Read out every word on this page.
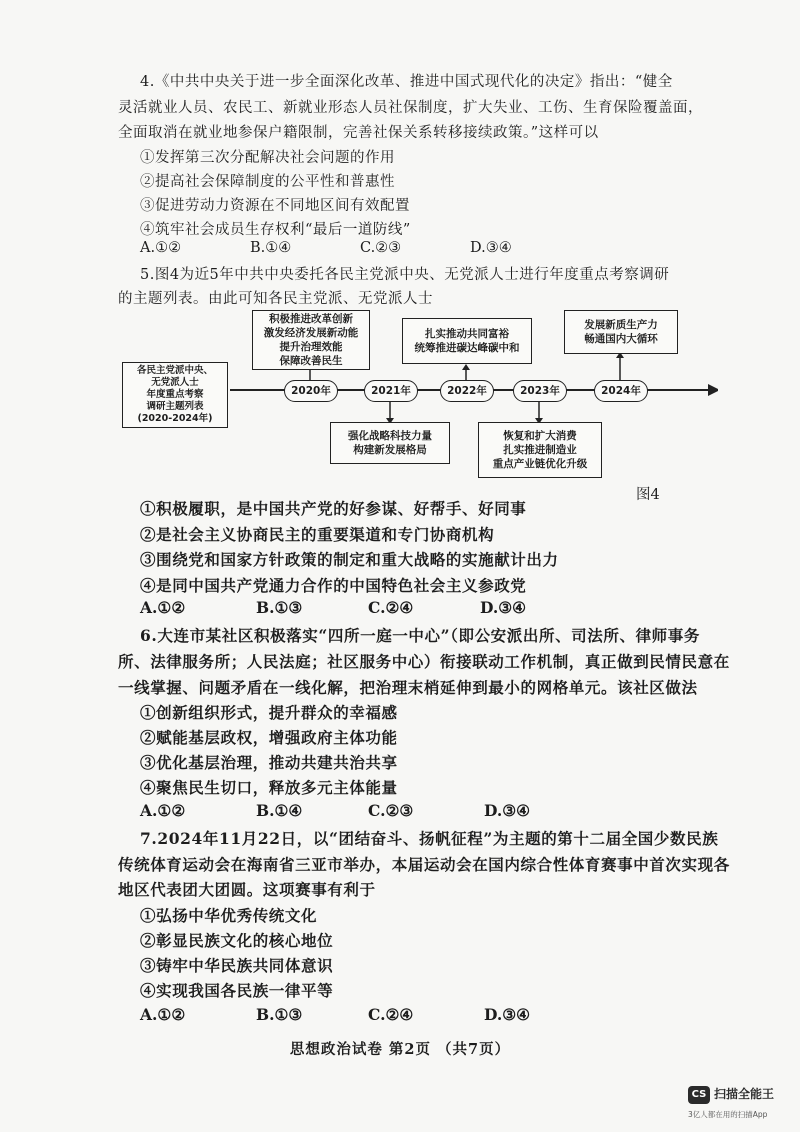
4.《中共中央关于进一步全面深化改革、推进中国式现代化的决定》指出：“健全
灵活就业人员、农民工、新就业形态人员社保制度，扩大失业、工伤、生育保险覆盖面，
全面取消在就业地参保户籍限制，完善社保关系转移接续政策。”这样可以
①发挥第三次分配解决社会问题的作用
②提高社会保障制度的公平性和普惠性
③促进劳动力资源在不同地区间有效配置
④筑牢社会成员生存权利“最后一道防线”
A.①②	B.①④	C.②③	D.③④
5.图4为近5年中共中央委托各民主党派中央、无党派人士进行年度重点考察调研
的主题列表。由此可知各民主党派、无党派人士
各民主党派中央、
无党派人士
年度重点考察
调研主题列表
(2020-2024年)
积极推进改革创新
激发经济发展新动能
提升治理效能
保障改善民生
强化战略科技力量
构建新发展格局
扎实推动共同富裕
统筹推进碳达峰碳中和
恢复和扩大消费
扎实推进制造业
重点产业链优化升级
发展新质生产力
畅通国内大循环
2020年	2021年	2022年	2023年	2024年
图4
①积极履职，是中国共产党的好参谋、好帮手、好同事
②是社会主义协商民主的重要渠道和专门协商机构
③围绕党和国家方针政策的制定和重大战略的实施献计出力
④是同中国共产党通力合作的中国特色社会主义参政党
A.①②	B.①③	C.②④	D.③④
6.大连市某社区积极落实“四所一庭一中心”（即公安派出所、司法所、律师事务
所、法律服务所；人民法庭；社区服务中心）衔接联动工作机制，真正做到民情民意在
一线掌握、问题矛盾在一线化解，把治理末梢延伸到最小的网格单元。该社区做法
①创新组织形式，提升群众的幸福感
②赋能基层政权，增强政府主体功能
③优化基层治理，推动共建共治共享
④聚焦民生切口，释放多元主体能量
A.①②	B.①④	C.②③	D.③④
7.2024年11月22日，以“团结奋斗、扬帆征程”为主题的第十二届全国少数民族
传统体育运动会在海南省三亚市举办，本届运动会在国内综合性体育赛事中首次实现各
地区代表团大团圆。这项赛事有利于
①弘扬中华优秀传统文化
②彰显民族文化的核心地位
③铸牢中华民族共同体意识
④实现我国各民族一律平等
A.①②	B.①③	C.②④	D.③④
思想政治试卷 第2页 （共7页）
CS 扫描全能王
3亿人都在用的扫描App
